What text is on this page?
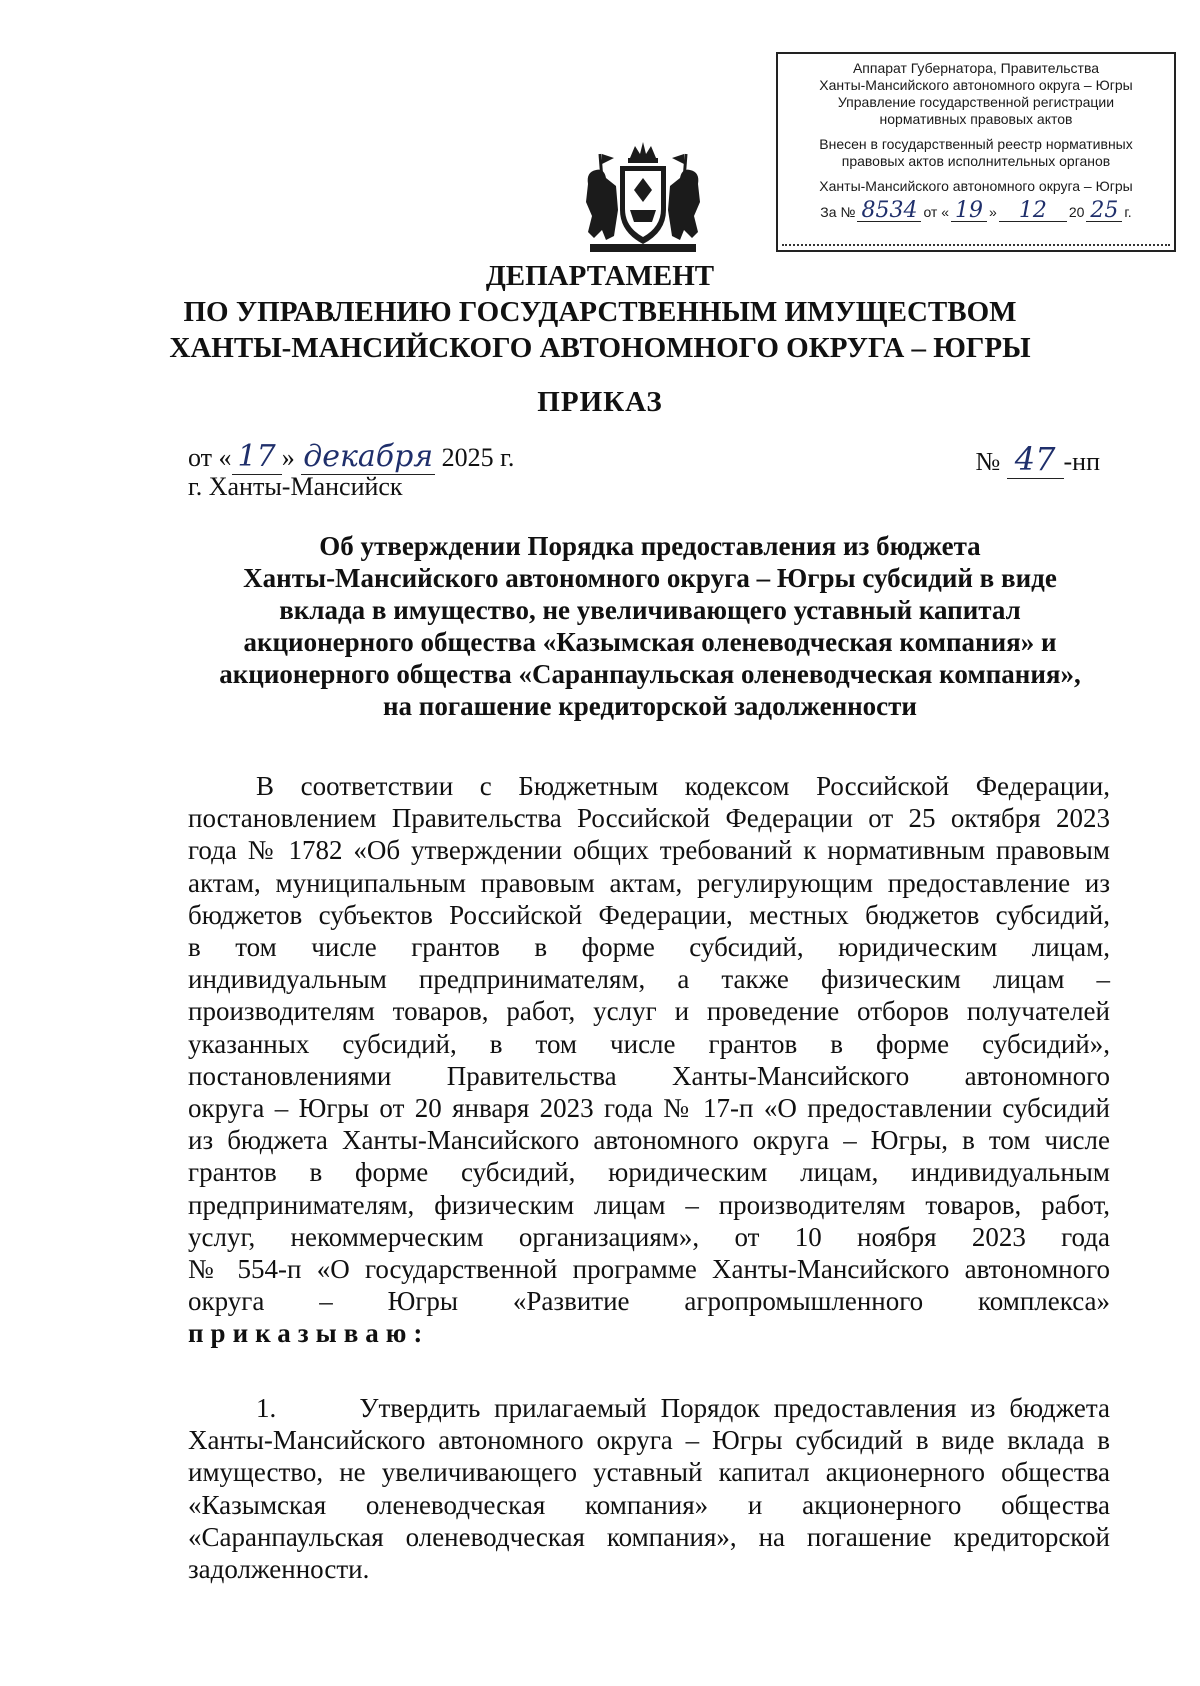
Аппарат Губернатора, Правительства
Ханты-Мансийского автономного округа – Югры
Управление государственной регистрации
нормативных правовых актов
Внесен в государственный реестр нормативных
правовых актов исполнительных органов
Ханты-Мансийского автономного округа – Югры
За № 8534 от « 19 »	12	20 25 г.
ДЕПАРТАМЕНТ
ПО УПРАВЛЕНИЮ ГОСУДАРСТВЕННЫМ ИМУЩЕСТВОМ
ХАНТЫ-МАНСИЙСКОГО АВТОНОМНОГО ОКРУГА – ЮГРЫ
ПРИКАЗ
от « 17 » декабря 2025 г.
г. Ханты-Мансийск
№ 47 -нп
Об утверждении Порядка предоставления из бюджета
Ханты-Мансийского автономного округа – Югры субсидий в виде
вклада в имущество, не увеличивающего уставный капитал
акционерного общества «Казымская оленеводческая компания» и
акционерного общества «Саранпаульская оленеводческая компания»,
на погашение кредиторской задолженности
В соответствии с Бюджетным кодексом Российской Федерации,
постановлением Правительства Российской Федерации от 25 октября 2023
года № 1782 «Об утверждении общих требований к нормативным правовым
актам, муниципальным правовым актам, регулирующим предоставление из
бюджетов субъектов Российской Федерации, местных бюджетов субсидий,
в том числе грантов в форме субсидий, юридическим лицам,
индивидуальным предпринимателям, а также физическим лицам –
производителям товаров, работ, услуг и проведение отборов получателей
указанных субсидий, в том числе грантов в форме субсидий»,
постановлениями Правительства Ханты-Мансийского автономного
округа – Югры от 20 января 2023 года № 17-п «О предоставлении субсидий
из бюджета Ханты-Мансийского автономного округа – Югры, в том числе
грантов в форме субсидий, юридическим лицам, индивидуальным
предпринимателям, физическим лицам – производителям товаров, работ,
услуг, некоммерческим организациям», от 10 ноября 2023 года
№ 554-п «О государственной программе Ханты-Мансийского автономного
округа – Югры «Развитие агропромышленного комплекса»
приказываю:
1.	Утвердить прилагаемый Порядок предоставления из бюджета
Ханты-Мансийского автономного округа – Югры субсидий в виде вклада в
имущество, не увеличивающего уставный капитал акционерного общества
«Казымская оленеводческая компания» и акционерного общества
«Саранпаульская оленеводческая компания», на погашение кредиторской
задолженности.
